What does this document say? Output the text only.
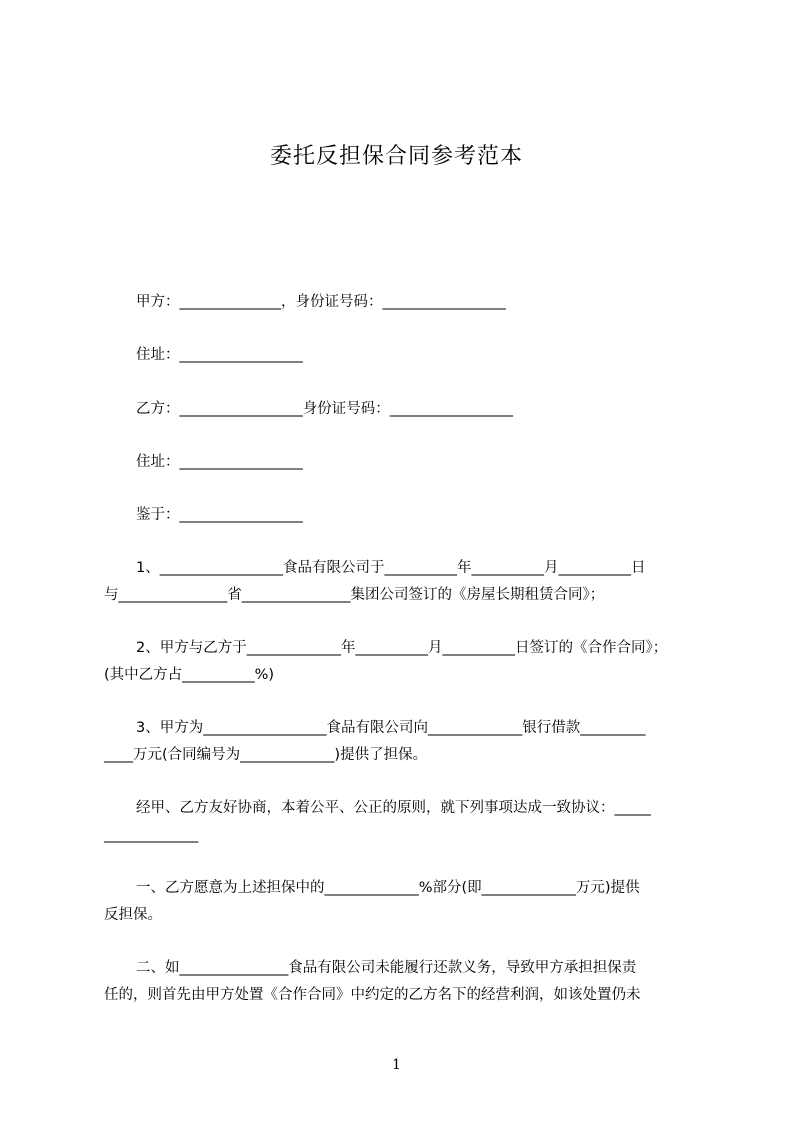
委托反担保合同参考范本
甲方：______________，身份证号码：_________________
住址：_________________
乙方：_________________身份证号码：_________________
住址：_________________
鉴于：_________________
1、_________________食品有限公司于__________年__________月__________日
与_______________省_______________集团公司签订的《房屋长期租赁合同》；
2、甲方与乙方于_____________年__________月__________日签订的《合作合同》；
(其中乙方占__________%)
3、甲方为_________________食品有限公司向_____________银行借款_________
____万元(合同编号为_____________)提供了担保。
经甲、乙方友好协商，本着公平、公正的原则，就下列事项达成一致协议：_____
_____________
一、乙方愿意为上述担保中的_____________%部分(即_____________万元)提供
反担保。
二、如_______________食品有限公司未能履行还款义务，导致甲方承担担保责
任的，则首先由甲方处置《合作合同》中约定的乙方名下的经营利润，如该处置仍未
1
